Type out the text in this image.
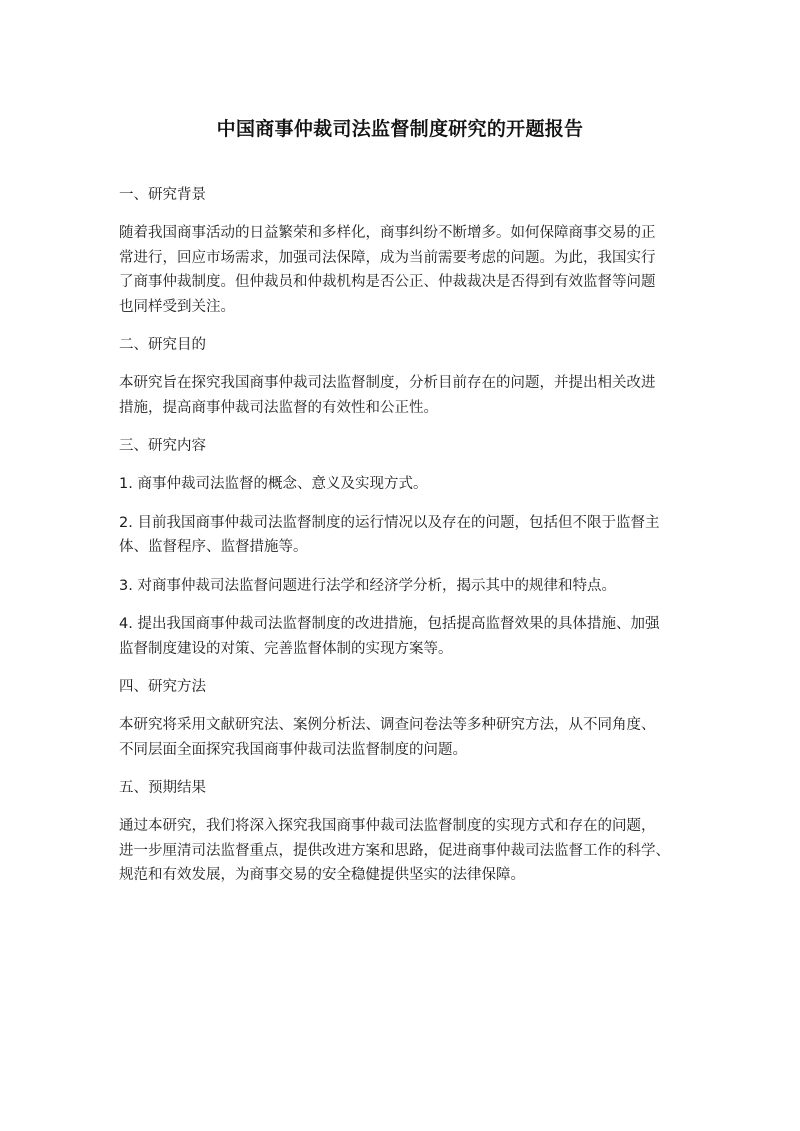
中国商事仲裁司法监督制度研究的开题报告
一、研究背景
随着我国商事活动的日益繁荣和多样化，商事纠纷不断增多。如何保障商事交易的正
常进行，回应市场需求，加强司法保障，成为当前需要考虑的问题。为此，我国实行
了商事仲裁制度。但仲裁员和仲裁机构是否公正、仲裁裁决是否得到有效监督等问题
也同样受到关注。
二、研究目的
本研究旨在探究我国商事仲裁司法监督制度，分析目前存在的问题，并提出相关改进
措施，提高商事仲裁司法监督的有效性和公正性。
三、研究内容
1. 商事仲裁司法监督的概念、意义及实现方式。
2. 目前我国商事仲裁司法监督制度的运行情况以及存在的问题，包括但不限于监督主
体、监督程序、监督措施等。
3. 对商事仲裁司法监督问题进行法学和经济学分析，揭示其中的规律和特点。
4. 提出我国商事仲裁司法监督制度的改进措施，包括提高监督效果的具体措施、加强
监督制度建设的对策、完善监督体制的实现方案等。
四、研究方法
本研究将采用文献研究法、案例分析法、调查问卷法等多种研究方法，从不同角度、
不同层面全面探究我国商事仲裁司法监督制度的问题。
五、预期结果
通过本研究，我们将深入探究我国商事仲裁司法监督制度的实现方式和存在的问题，
进一步厘清司法监督重点，提供改进方案和思路，促进商事仲裁司法监督工作的科学、
规范和有效发展，为商事交易的安全稳健提供坚实的法律保障。
